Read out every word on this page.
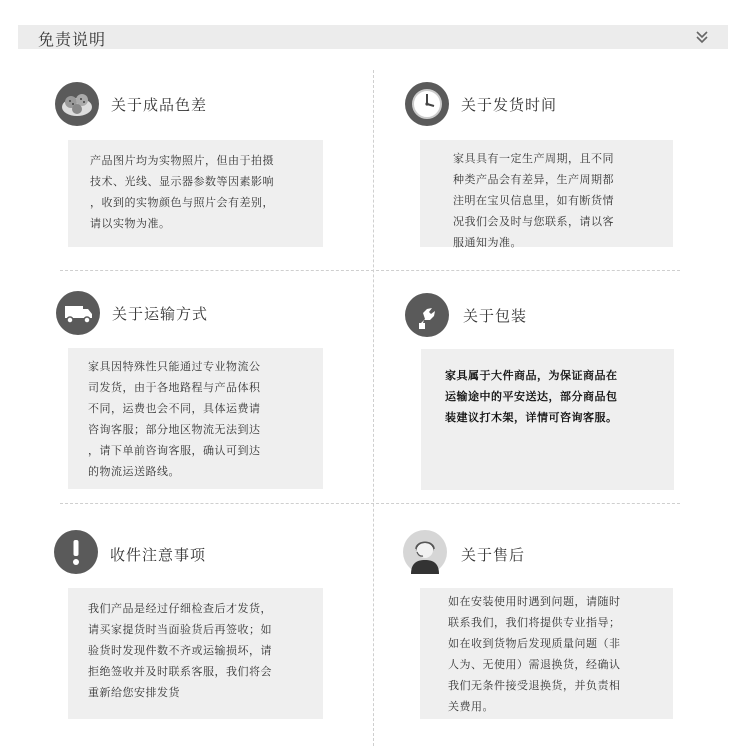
免责说明
关于成品色差
产品图片均为实物照片，但由于拍摄
技术、光线、显示器参数等因素影响
，收到的实物颜色与照片会有差别，
请以实物为准。
关于发货时间
家具具有一定生产周期，且不同
种类产品会有差异，生产周期都
注明在宝贝信息里，如有断货情
况我们会及时与您联系，请以客
服通知为准。
关于运输方式
家具因特殊性只能通过专业物流公
司发货，由于各地路程与产品体积
不同，运费也会不同，具体运费请
咨询客服；部分地区物流无法到达
，请下单前咨询客服，确认可到达
的物流运送路线。
关于包装
家具属于大件商品，为保证商品在
运输途中的平安送达，部分商品包
装建议打木架，详情可咨询客服。
收件注意事项
我们产品是经过仔细检查后才发货，
请买家提货时当面验货后再签收；如
验货时发现件数不齐或运输损坏，请
拒绝签收并及时联系客服，我们将会
重新给您安排发货
关于售后
如在安装使用时遇到问题，请随时
联系我们，我们将提供专业指导；
如在收到货物后发现质量问题（非
人为、无使用）需退换货，经确认
我们无条件接受退换货，并负责相
关费用。
